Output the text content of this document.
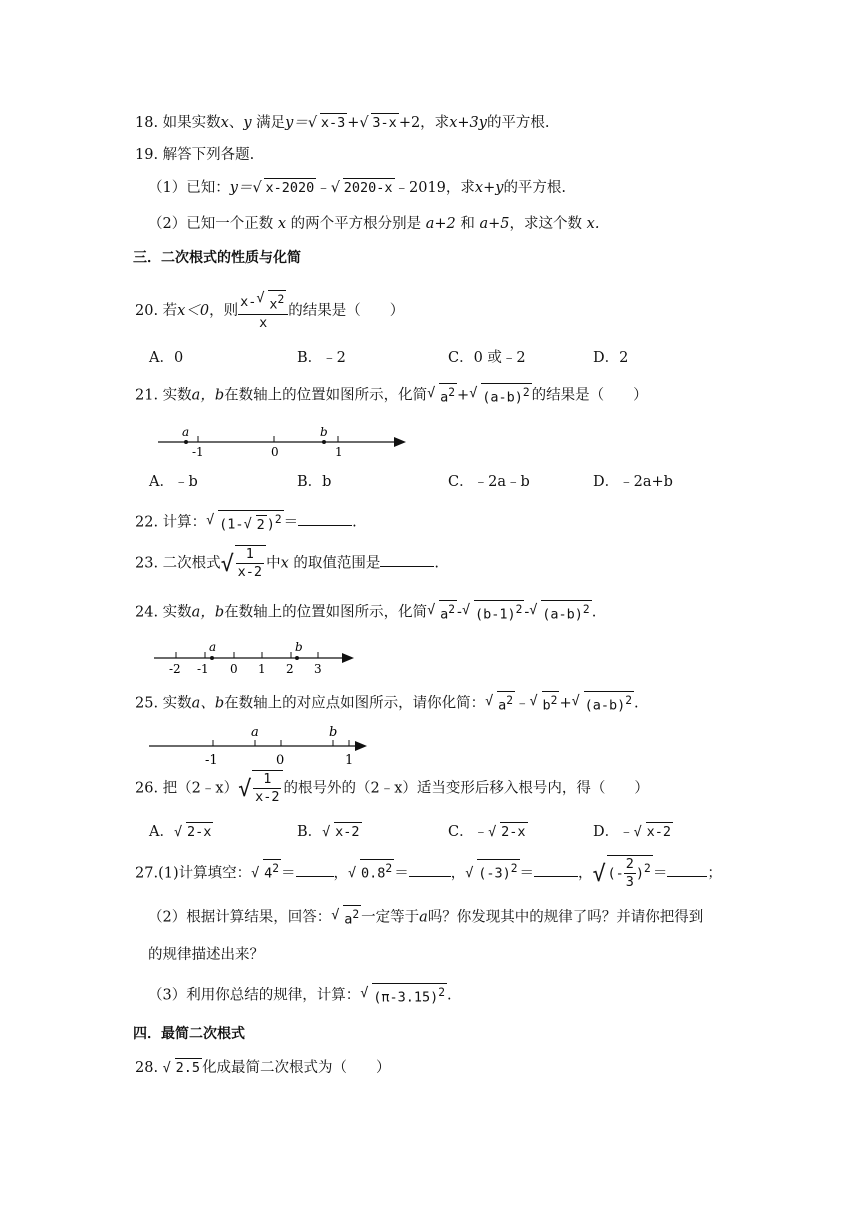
18. 如果实数x、y 满足y＝ √ x-3 + √ 3-x +2，求x+3y的平方根.
19. 解答下列各题.
（1）已知：y＝ √ x-2020 ﹣ √ 2020-x ﹣2019，求x+y的平方根.
（2）已知一个正数 x 的两个平方根分别是 a+2 和 a+5，求这个数 x.
三．二次根式的性质与化简
20. 若x＜0，则 $\frac{x- √ x^2}{x}$ 的结果是（　　）
A．0	B．﹣2	C．0 或﹣2	D．2
21. 实数a，b在数轴上的位置如图所示，化简 √ $a^2$ + √ $(a-b)^2$ 的结果是（　　）
a
-1	0
b
1
A．﹣b	B．b	C．﹣2a﹣b	D．﹣2a+b
22. 计算： √ (1- √ 2 )$^2$ ＝	.
23. 二次根式 √ $\frac{1}{x-2}$ 中x 的取值范围是	.
24. 实数a，b在数轴上的位置如图所示，化简 √ $a^2$ - √ $(b-1)^2$ - √ $(a-b)^2$ .
a	b
-2 -1 0 1 2 3
25. 实数a、b在数轴上的对应点如图所示，请你化简： √ $a^2$ ﹣ √ $b^2$ + √ $(a-b)^2$ .
a	b
-1	0	1
26. 把（2﹣x） √ $\frac{1}{x-2}$ 的根号外的（2﹣x）适当变形后移入根号内，得（　　）
A． √ 2-x	B． √ x-2	C．﹣ √ 2-x	D．﹣ √ x-2
27.(1)计算填空： √ $4^2$ ＝	， √ $0.8^2$ ＝	， √ $(-3)^2$ ＝	， √ (- $\frac{2}{3} )^2$ ＝	；
（2）根据计算结果，回答： √ $a^2$ 一定等于a吗？你发现其中的规律了吗？并请你把得到
的规律描述出来？
（3）利用你总结的规律，计算： √ $(\pi-3.15)^2$ .
四．最简二次根式
28. √ 2.5 化成最简二次根式为（　　）
